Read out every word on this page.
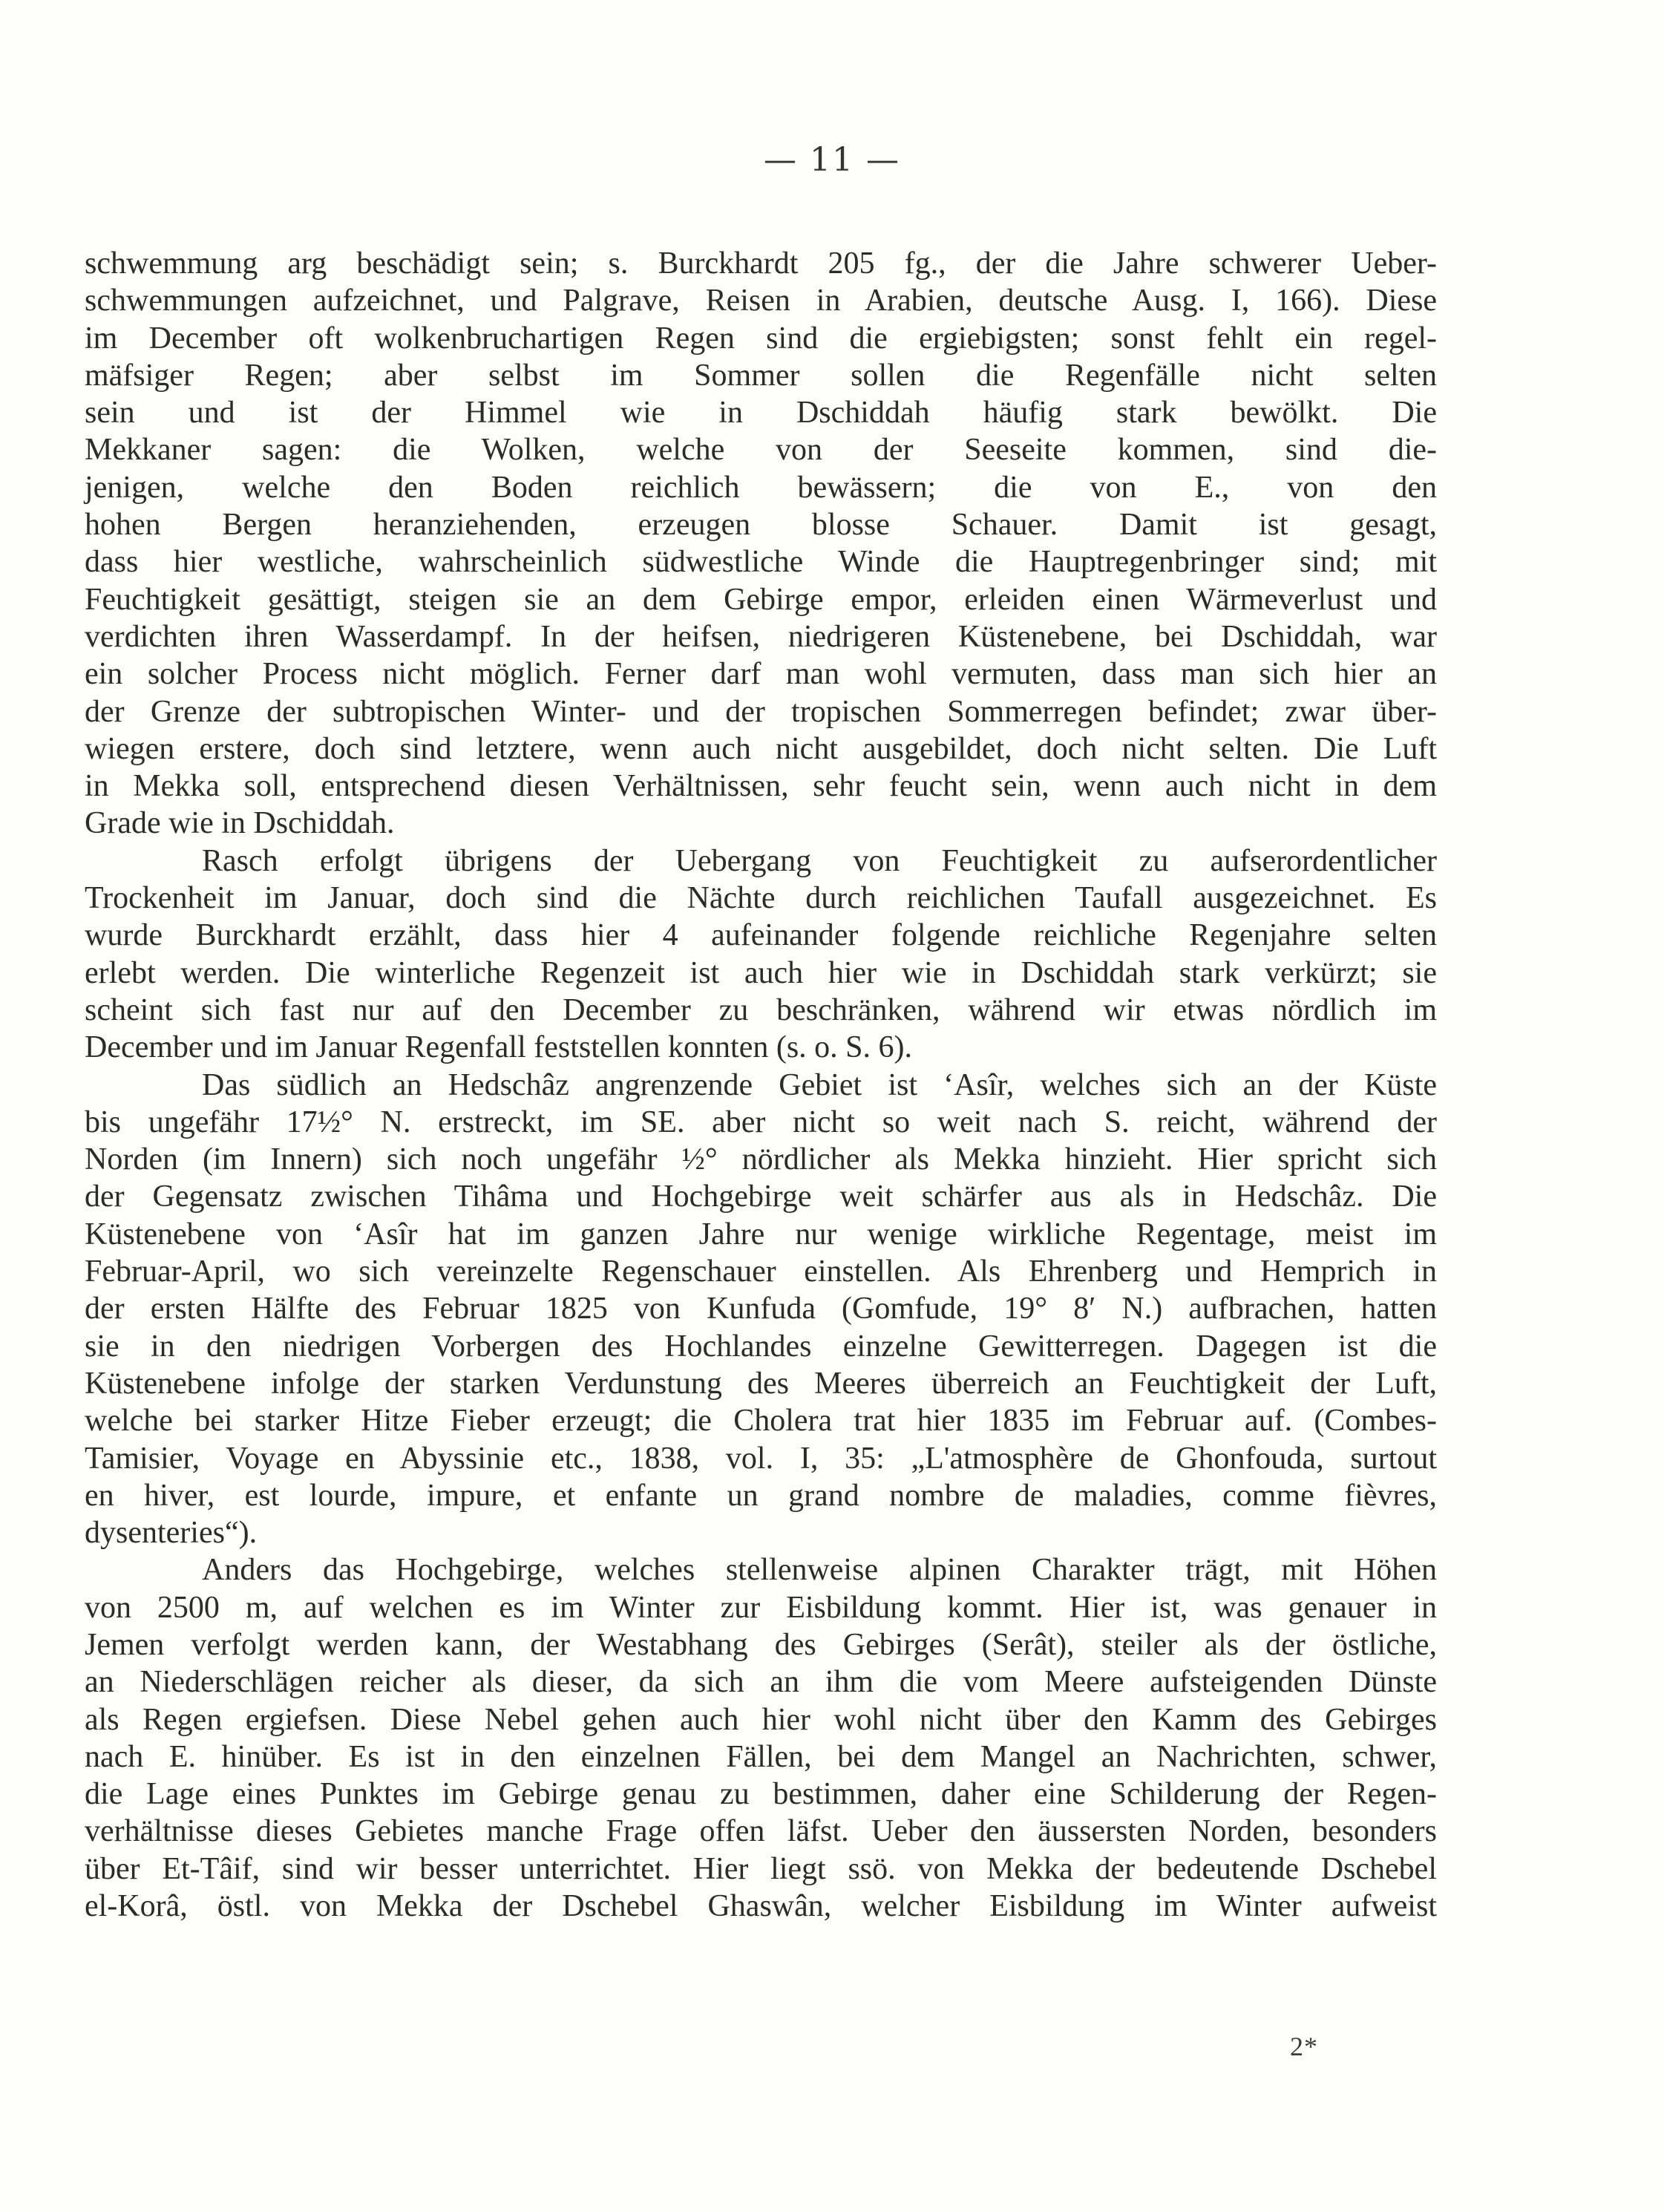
— 11 —
schwemmung arg beschädigt sein; s. Burckhardt 205 fg., der die Jahre schwerer Ueber-
schwemmungen aufzeichnet, und Palgrave, Reisen in Arabien, deutsche Ausg. I, 166). Diese
im December oft wolkenbruchartigen Regen sind die ergiebigsten; sonst fehlt ein regel-
mäfsiger Regen; aber selbst im Sommer sollen die Regenfälle nicht selten
sein und ist der Himmel wie in Dschiddah häufig stark bewölkt. Die
Mekkaner sagen: die Wolken, welche von der Seeseite kommen, sind die-
jenigen, welche den Boden reichlich bewässern; die von E., von den
hohen Bergen heranziehenden, erzeugen blosse Schauer. Damit ist gesagt,
dass hier westliche, wahrscheinlich südwestliche Winde die Hauptregenbringer sind; mit
Feuchtigkeit gesättigt, steigen sie an dem Gebirge empor, erleiden einen Wärmeverlust und
verdichten ihren Wasserdampf. In der heifsen, niedrigeren Küstenebene, bei Dschiddah, war
ein solcher Process nicht möglich. Ferner darf man wohl vermuten, dass man sich hier an
der Grenze der subtropischen Winter- und der tropischen Sommerregen befindet; zwar über-
wiegen erstere, doch sind letztere, wenn auch nicht ausgebildet, doch nicht selten. Die Luft
in Mekka soll, entsprechend diesen Verhältnissen, sehr feucht sein, wenn auch nicht in dem
Grade wie in Dschiddah.
Rasch erfolgt übrigens der Uebergang von Feuchtigkeit zu aufserordentlicher
Trockenheit im Januar, doch sind die Nächte durch reichlichen Taufall ausgezeichnet. Es
wurde Burckhardt erzählt, dass hier 4 aufeinander folgende reichliche Regenjahre selten
erlebt werden. Die winterliche Regenzeit ist auch hier wie in Dschiddah stark verkürzt; sie
scheint sich fast nur auf den December zu beschränken, während wir etwas nördlich im
December und im Januar Regenfall feststellen konnten (s. o. S. 6).
Das südlich an Hedschâz angrenzende Gebiet ist ‘Asîr, welches sich an der Küste
bis ungefähr 17½° N. erstreckt, im SE. aber nicht so weit nach S. reicht, während der
Norden (im Innern) sich noch ungefähr ½° nördlicher als Mekka hinzieht. Hier spricht sich
der Gegensatz zwischen Tihâma und Hochgebirge weit schärfer aus als in Hedschâz. Die
Küstenebene von ‘Asîr hat im ganzen Jahre nur wenige wirkliche Regentage, meist im
Februar-April, wo sich vereinzelte Regenschauer einstellen. Als Ehrenberg und Hemprich in
der ersten Hälfte des Februar 1825 von Kunfuda (Gomfude, 19° 8′ N.) aufbrachen, hatten
sie in den niedrigen Vorbergen des Hochlandes einzelne Gewitterregen. Dagegen ist die
Küstenebene infolge der starken Verdunstung des Meeres überreich an Feuchtigkeit der Luft,
welche bei starker Hitze Fieber erzeugt; die Cholera trat hier 1835 im Februar auf. (Combes-
Tamisier, Voyage en Abyssinie etc., 1838, vol. I, 35: „L'atmosphère de Ghonfouda, surtout
en hiver, est lourde, impure, et enfante un grand nombre de maladies, comme fièvres,
dysenteries“).
Anders das Hochgebirge, welches stellenweise alpinen Charakter trägt, mit Höhen
von 2500 m, auf welchen es im Winter zur Eisbildung kommt. Hier ist, was genauer in
Jemen verfolgt werden kann, der Westabhang des Gebirges (Serât), steiler als der östliche,
an Niederschlägen reicher als dieser, da sich an ihm die vom Meere aufsteigenden Dünste
als Regen ergiefsen. Diese Nebel gehen auch hier wohl nicht über den Kamm des Gebirges
nach E. hinüber. Es ist in den einzelnen Fällen, bei dem Mangel an Nachrichten, schwer,
die Lage eines Punktes im Gebirge genau zu bestimmen, daher eine Schilderung der Regen-
verhältnisse dieses Gebietes manche Frage offen läfst. Ueber den äussersten Norden, besonders
über Et-Tâif, sind wir besser unterrichtet. Hier liegt ssö. von Mekka der bedeutende Dschebel
el-Korâ, östl. von Mekka der Dschebel Ghaswân, welcher Eisbildung im Winter aufweist
2*
